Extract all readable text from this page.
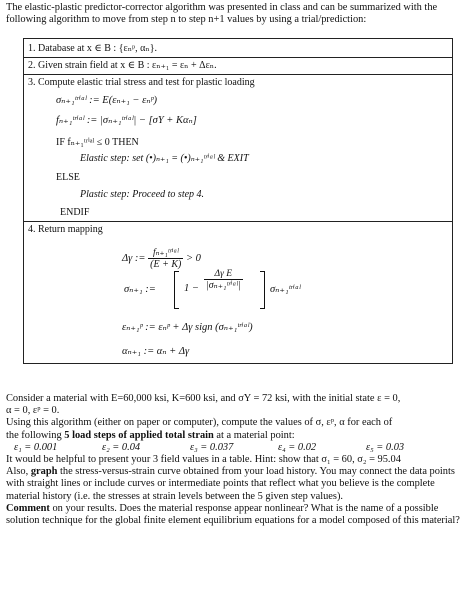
The elastic-plastic predictor-corrector algorithm was presented in class and can be summarized with the following algorithm to move from step n to step n+1 values by using a trial/prediction:
1. Database at x ∈ B : {εₙᵖ, αₙ}.
2. Given strain field at x ∈ B : εₙ₊₁ = εₙ + Δεₙ.
3. Compute elastic trial stress and test for plastic loading
σₙ₊₁ᵗʳⁱᵃˡ := E(εₙ₊₁ − εₙᵖ)
fₙ₊₁ᵗʳⁱᵃˡ := |σₙ₊₁ᵗʳⁱᵃˡ| − [σY + Kαₙ]
IF fₙ₊₁ᵗʳⁱᵃˡ ≤ 0 THEN
Elastic step: set (•)ₙ₊₁ = (•)ₙ₊₁ᵗʳⁱᵃˡ & EXIT
ELSE
Plastic step: Proceed to step 4.
ENDIF
4. Return mapping
Δγ := $\frac{\text{fₙ₊₁ᵗʳⁱᵃˡ}}{(E + K)} > 0$
σₙ₊₁ :=	$1 - \frac{\text{Δγ E}}{\text{|σₙ₊₁ᵗʳⁱᵃˡ|}}$	σₙ₊₁ᵗʳⁱᵃˡ
εₙ₊₁ᵖ := εₙᵖ + Δγ sign (σₙ₊₁ᵗʳⁱᵃˡ)
αₙ₊₁ := αₙ + Δγ

Consider a material with E=60,000 ksi, K=600 ksi, and σY = 72 ksi, with the initial state ε = 0,

α = 0, εᵖ = 0.

Using this algorithm (either on paper or computer), compute the values of σ, εᵖ, α for each of

the following 5 load steps of applied total strain at a material point:

ε₁ = 0.001	ε₂ = 0.04	ε₃ = 0.037	ε₄ = 0.02	ε₅ = 0.03

It would be helpful to present your 3 field values in a table. Hint: show that σ₁ = 60, σ₂ = 95.04

Also, graph the stress-versus-strain curve obtained from your load history. You may connect the data points with straight lines or include curves or intermediate points that reflect what you believe is the complete material history (i.e. the stresses at strain levels between the 5 given step values).

Comment on your results. Does the material response appear nonlinear? What is the name of a possible solution technique for the global finite element equilibrium equations for a model composed of this material?
